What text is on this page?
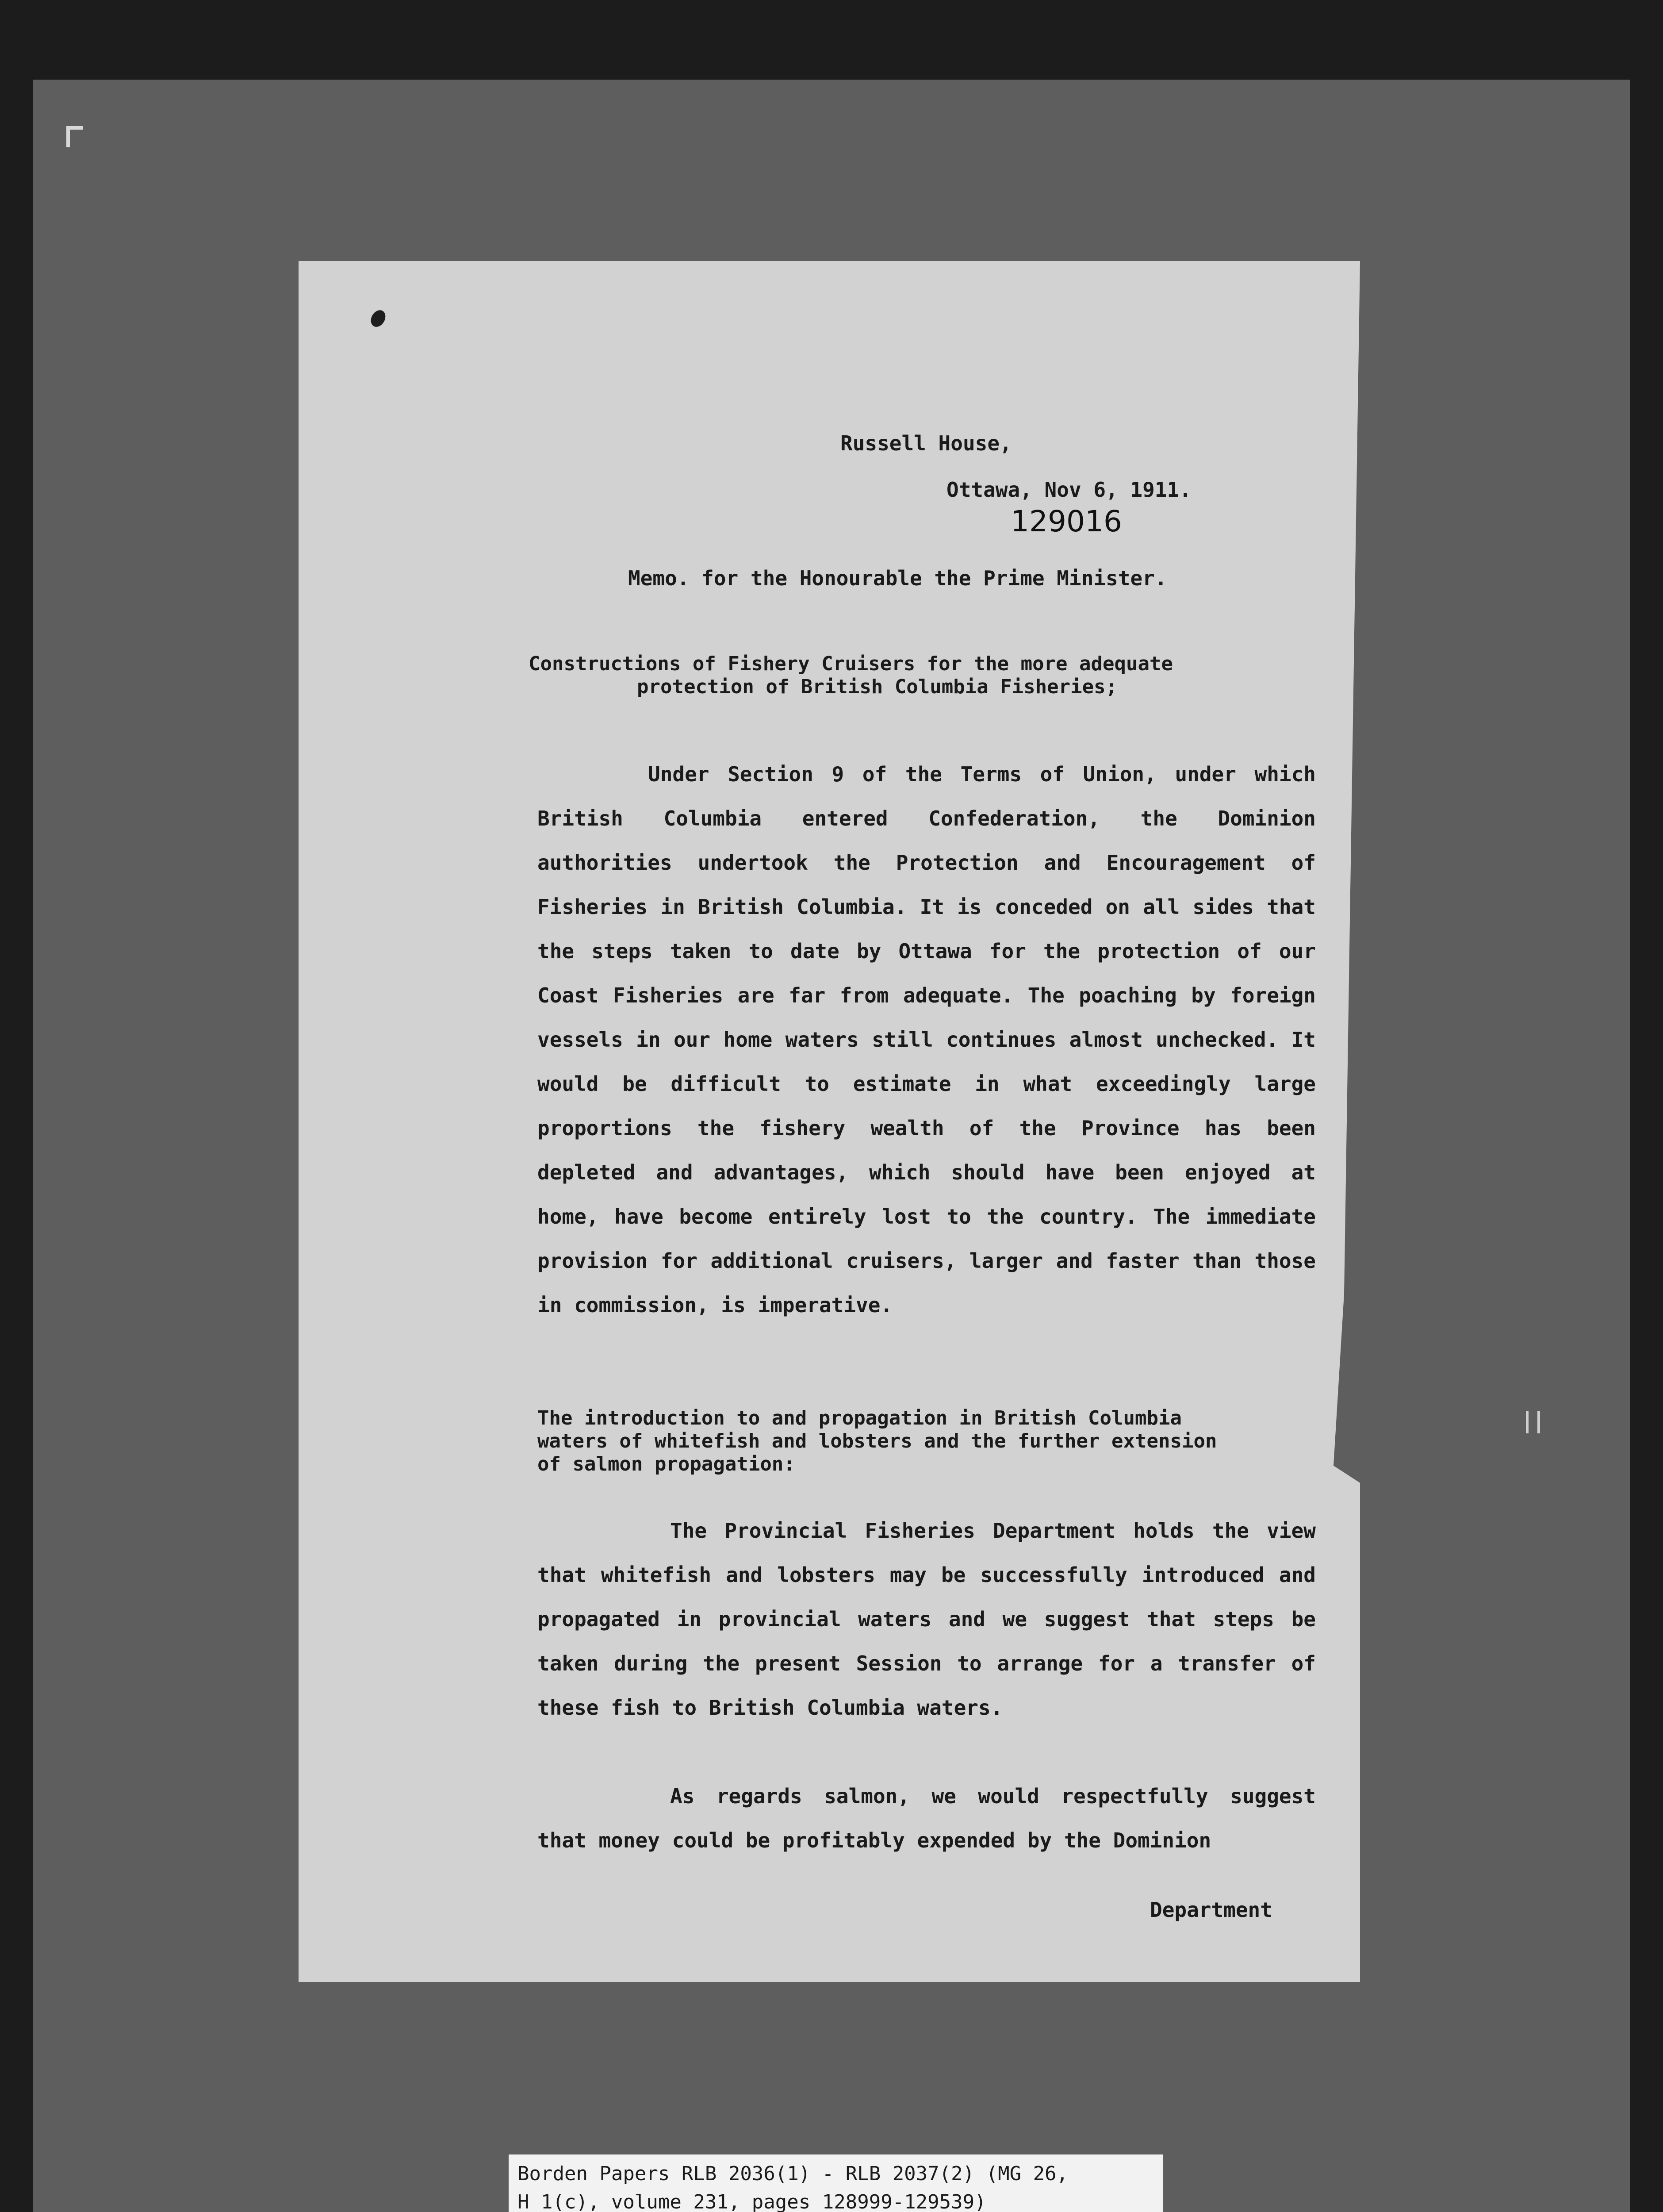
Russell House,
Ottawa, Nov 6, 1911.
129016
Memo. for the Honourable the Prime Minister.
Constructions of Fishery Cruisers for the more adequate
protection of British Columbia Fisheries;
Under Section 9 of the Terms of Union, under which British Columbia entered Confederation, the Dominion authorities undertook the Protection and Encouragement of Fisheries in British Columbia. It is conceded on all sides that the steps taken to date by Ottawa for the protection of our Coast Fisheries are far from adequate. The poaching by foreign vessels in our home waters still continues almost unchecked. It would be difficult to estimate in what exceedingly large proportions the fishery wealth of the Province has been depleted and advantages, which should have been enjoyed at home, have become entirely lost to the country. The immediate provision for additional cruisers, larger and faster than those in commission, is imperative.
The introduction to and propagation in British Columbia
waters of whitefish and lobsters and the further extension
of salmon propagation:
The Provincial Fisheries Department holds the view that whitefish and lobsters may be successfully introduced and propagated in provincial waters and we suggest that steps be taken during the present Session to arrange for a transfer of these fish to British Columbia waters.
As regards salmon, we would respectfully suggest that money could be profitably expended by the Dominion
Department
Borden Papers RLB 2036(1) - RLB 2037(2) (MG 26,
H 1(c), volume 231, pages 128999-129539)
